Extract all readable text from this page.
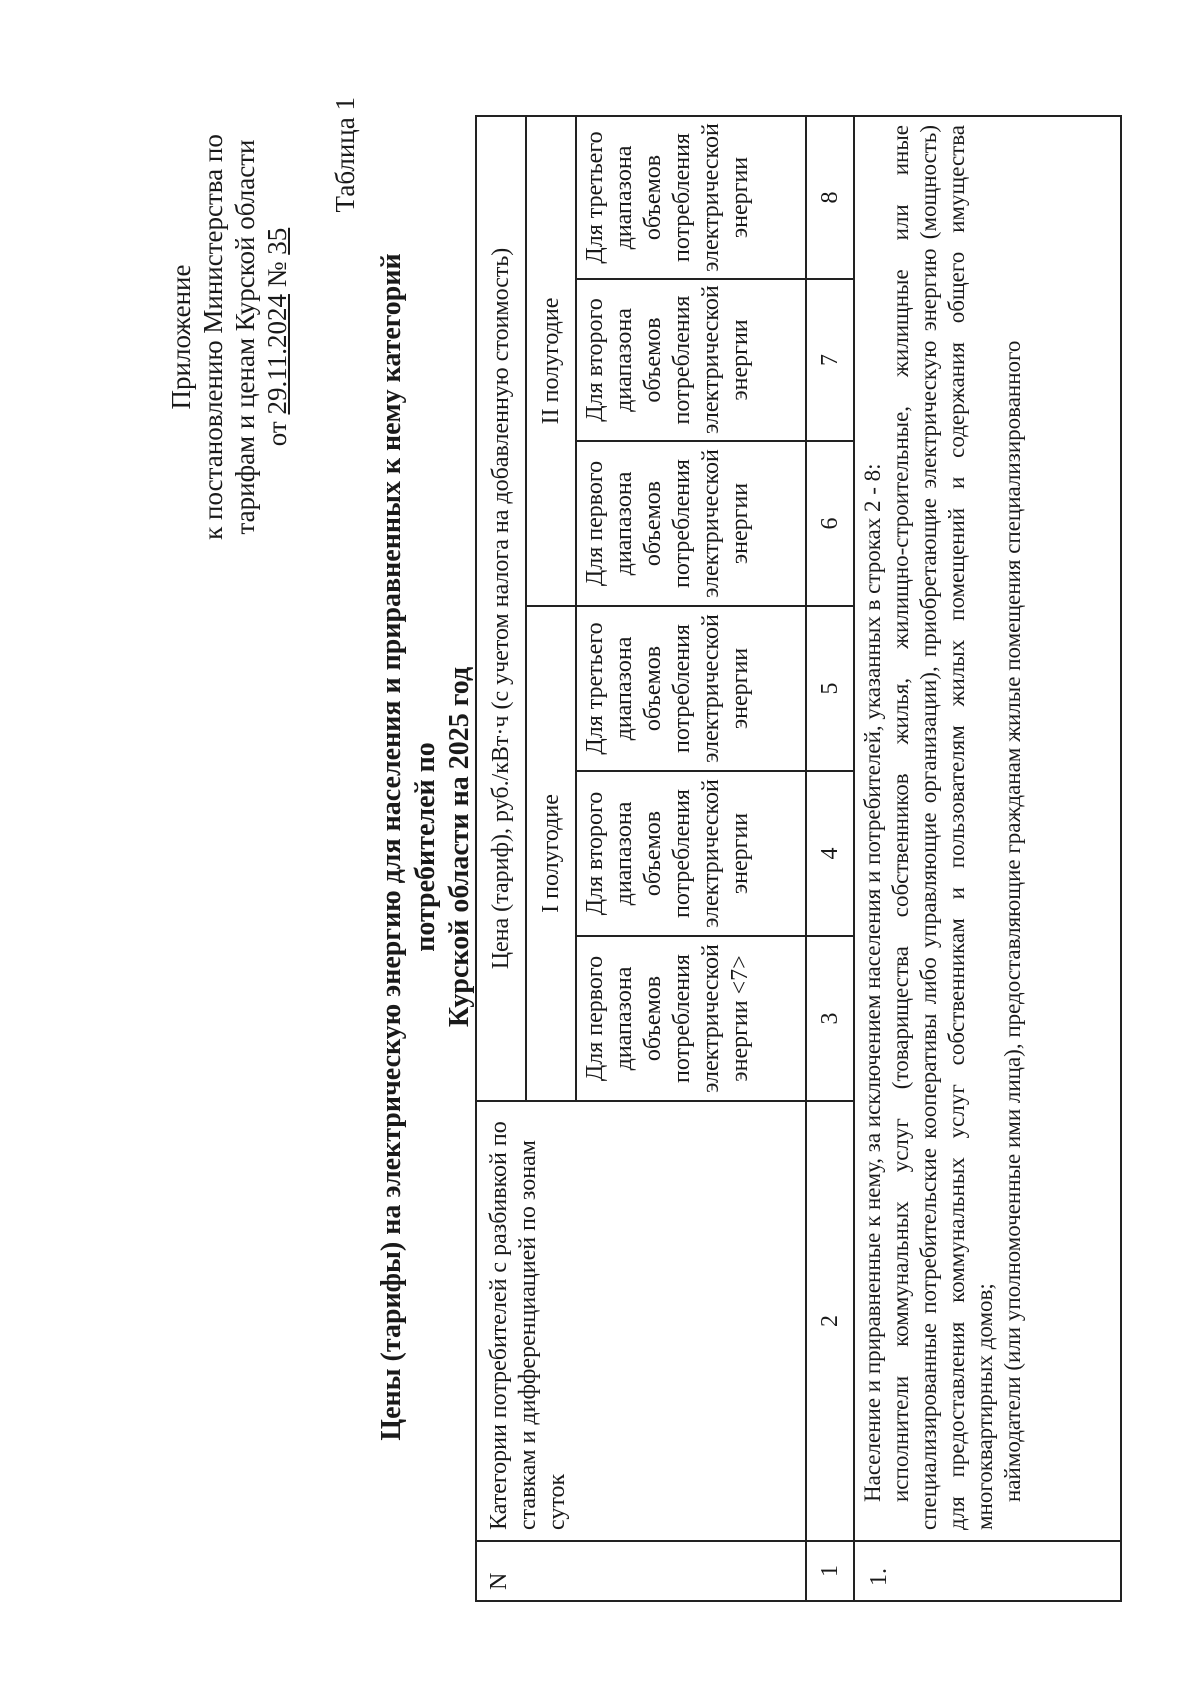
Приложение к постановлению Министерства по тарифам и ценам Курской области от 29.11.2024 № 35
Таблица 1
Цены (тарифы) на электрическую энергию для населения и приравненных к нему категорий потребителей по Курской области на 2025 год
N
Категории потребителей с разбивкой по ставкам и дифференциацией по зонам суток
Цена (тариф), руб./кВт·ч (с учетом налога на добавленную стоимость)	I полугодие
II полугодие
Для первого диапазона объемов потребления электрической энергии <7>
Для второго диапазона объемов потребления электрической энергии
Для третьего диапазона объемов потребления электрической энергии
Для первого диапазона объемов потребления электрической энергии
Для второго диапазона объемов потребления электрической энергии
Для третьего диапазона объемов потребления электрической энергии
1
2
3
4
5
6
7
8
1.

Население и приравненные к нему, за исключением населения и потребителей, указанных в строках 2 - 8: исполнители коммунальных услуг (товарищества собственников жилья, жилищно-строительные, жилищные или иные специализированные потребительские кооперативы либо управляющие организации), приобретающие электрическую энергию (мощность) для предоставления коммунальных услуг собственникам и пользователям жилых помещений и содержания общего имущества многоквартирных домов; наймодатели (или уполномоченные ими лица), предоставляющие гражданам жилые помещения специализированного
